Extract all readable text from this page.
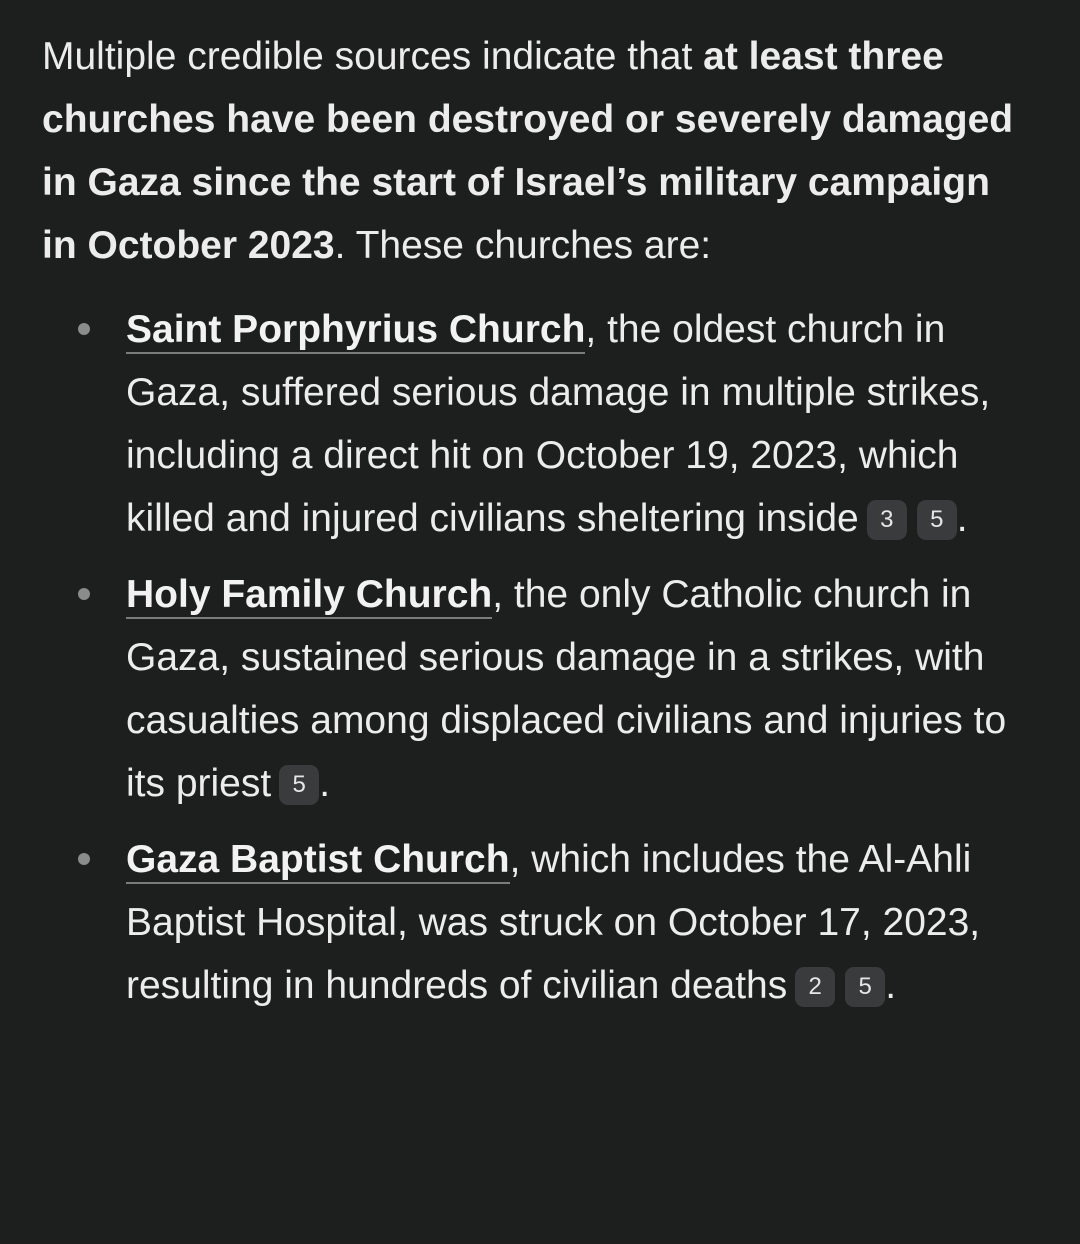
Multiple credible sources indicate that at least three churches have been destroyed or severely damaged in Gaza since the start of Israel’s military campaign in October 2023. These churches are:

Saint Porphyrius Church, the oldest church in Gaza, suffered serious damage in multiple strikes, including a direct hit on October 19, 2023, which killed and injured civilians sheltering inside 3 5 .
Holy Family Church, the only Catholic church in Gaza, sustained serious damage in a strikes, with casualties among displaced civilians and injuries to its priest 5 .
Gaza Baptist Church, which includes the Al-Ahli Baptist Hospital, was struck on October 17, 2023, resulting in hundreds of civilian deaths 2 5 .
